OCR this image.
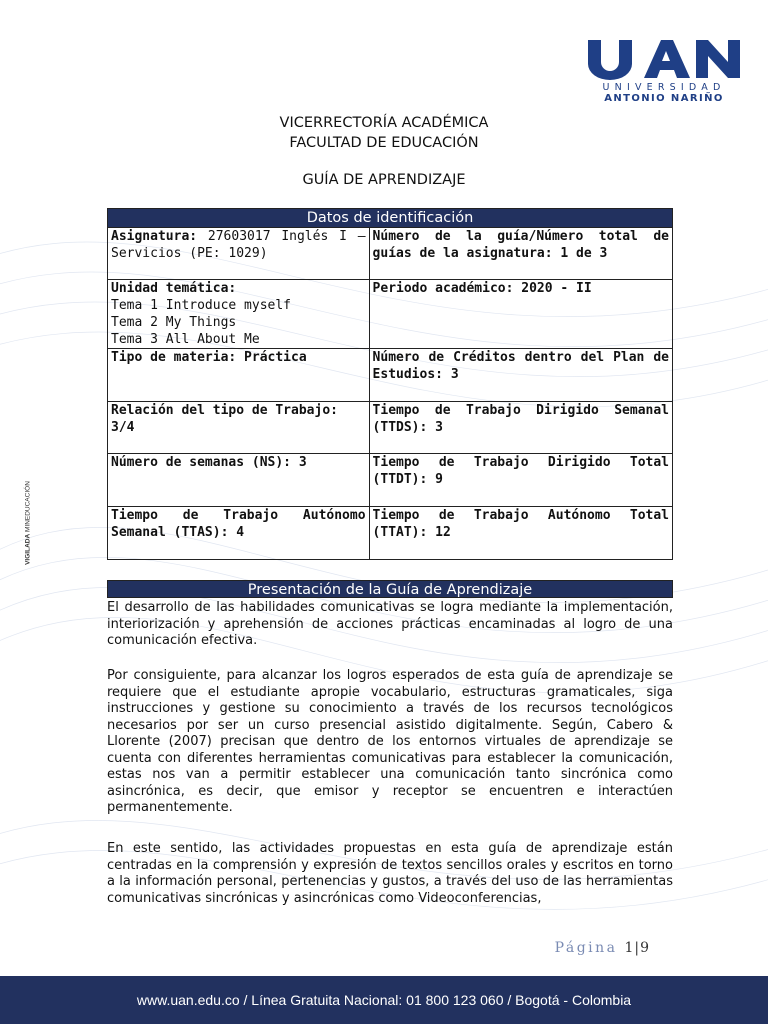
UNIVERSIDAD
ANTONIO NARIÑO
VIGILADA MINEDUCACIÓN

VICERRECTORÍA ACADÉMICA

FACULTAD DE EDUCACIÓN

GUÍA DE APRENDIZAJE

Datos de identificación	
Asignatura: 27603017 Inglés I – Servicios (PE: 1029)	Número de la guía/Número total de guías de la asignatura: 1 de 3

Unidad temática:
Tema 1 Introduce myself
Tema 2 My Things
Tema 3 All About Me	Periodo académico: 2020 - II
Tipo de materia: Práctica	Número de Créditos dentro del Plan de Estudios: 3
Relación del tipo de Trabajo: 3/4	Tiempo de Trabajo Dirigido Semanal (TTDS): 3
Número de semanas (NS): 3	Tiempo de Trabajo Dirigido Total (TTDT): 9
Tiempo de Trabajo Autónomo Semanal (TTAS): 4	Tiempo de Trabajo Autónomo Total (TTAT): 12
Presentación de la Guía de Aprendizaje

El desarrollo de las habilidades comunicativas se logra mediante la implementación, interiorización y aprehensión de acciones prácticas encaminadas al logro de una comunicación efectiva.

Por consiguiente, para alcanzar los logros esperados de esta guía de aprendizaje se requiere que el estudiante apropie vocabulario, estructuras gramaticales, siga instrucciones y gestione su conocimiento a través de los recursos tecnológicos necesarios por ser un curso presencial asistido digitalmente. Según, Cabero & Llorente (2007) precisan que dentro de los entornos virtuales de aprendizaje se cuenta con diferentes herramientas comunicativas para establecer la comunicación, estas nos van a permitir establecer una comunicación tanto sincrónica como asincrónica, es decir, que emisor y receptor se encuentren e interactúen permanentemente.

En este sentido, las actividades propuestas en esta guía de aprendizaje están centradas en la comprensión y expresión de textos sencillos orales y escritos en torno a la información personal, pertenencias y gustos, a través del uso de las herramientas comunicativas sincrónicas y asincrónicas como Videoconferencias,

Página 1|9
www.uan.edu.co / Línea Gratuita Nacional: 01 800 123 060 / Bogotá - Colombia
